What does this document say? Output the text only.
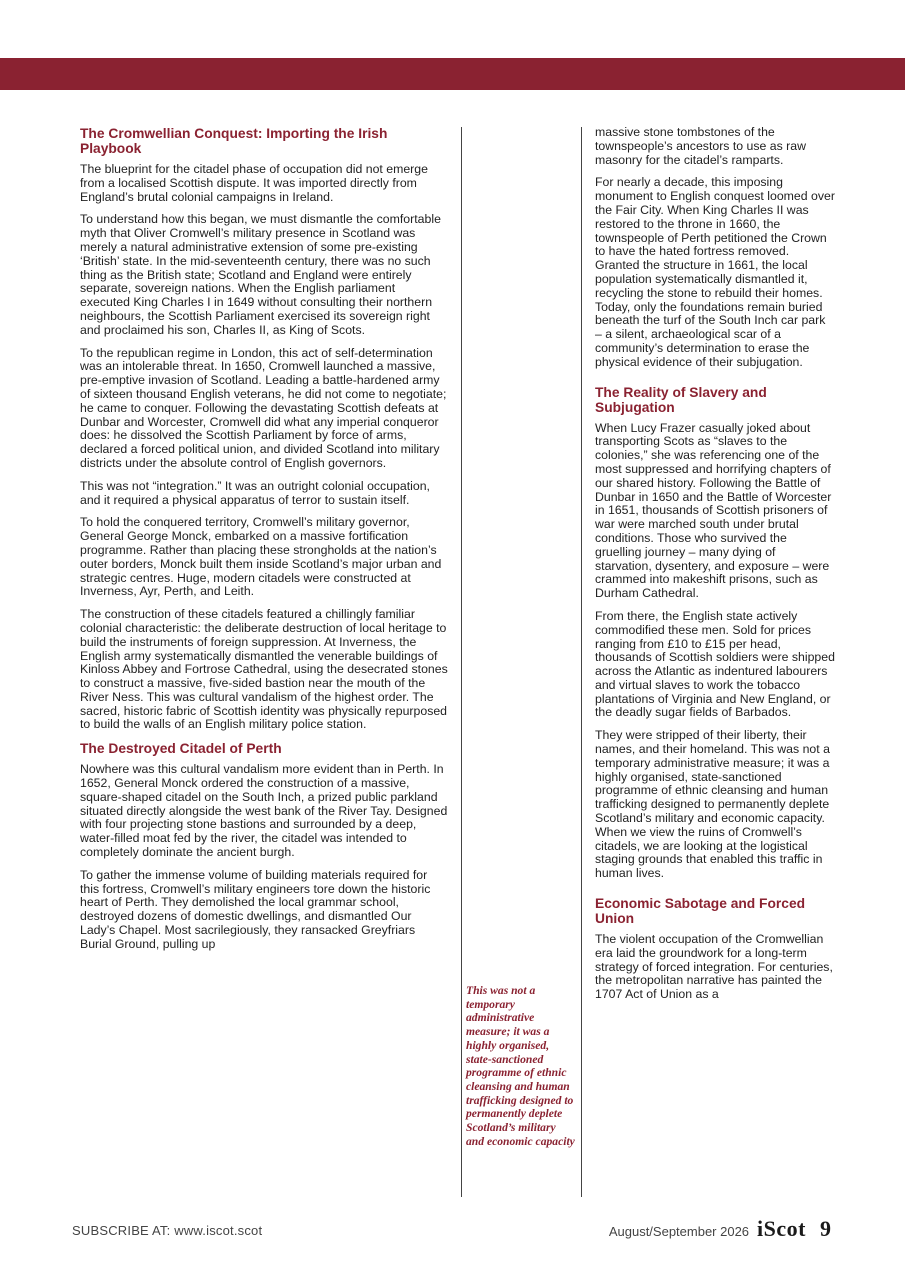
The Cromwellian Conquest: Importing the Irish Playbook

The blueprint for the citadel phase of occupation did not emerge from a localised Scottish dispute. It was imported directly from England’s brutal colonial campaigns in Ireland.

To understand how this began, we must dismantle the comfortable myth that Oliver Cromwell’s military presence in Scotland was merely a natural administrative extension of some pre-existing ‘British’ state. In the mid-seventeenth century, there was no such thing as the British state; Scotland and England were entirely separate, sovereign nations. When the English parliament executed King Charles I in 1649 without consulting their northern neighbours, the Scottish Parliament exercised its sovereign right and proclaimed his son, Charles II, as King of Scots.

To the republican regime in London, this act of self-determination was an intolerable threat. In 1650, Cromwell launched a massive, pre-emptive invasion of Scotland. Leading a battle-hardened army of sixteen thousand English veterans, he did not come to negotiate; he came to conquer. Following the devastating Scottish defeats at Dunbar and Worcester, Cromwell did what any imperial conqueror does: he dissolved the Scottish Parliament by force of arms, declared a forced political union, and divided Scotland into military districts under the absolute control of English governors.

This was not “integration.” It was an outright colonial occupation, and it required a physical apparatus of terror to sustain itself.

To hold the conquered territory, Cromwell’s military governor, General George Monck, embarked on a massive fortification programme. Rather than placing these strongholds at the nation’s outer borders, Monck built them inside Scotland’s major urban and strategic centres. Huge, modern citadels were constructed at Inverness, Ayr, Perth, and Leith.

The construction of these citadels featured a chillingly familiar colonial characteristic: the deliberate destruction of local heritage to build the instruments of foreign suppression. At Inverness, the English army systematically dismantled the venerable buildings of Kinloss Abbey and Fortrose Cathedral, using the desecrated stones to construct a massive, five-sided bastion near the mouth of the River Ness. This was cultural vandalism of the highest order. The sacred, historic fabric of Scottish identity was physically repurposed to build the walls of an English military police station.

The Destroyed Citadel of Perth

Nowhere was this cultural vandalism more evident than in Perth. In 1652, General Monck ordered the construction of a massive, square-shaped citadel on the South Inch, a prized public parkland situated directly alongside the west bank of the River Tay. Designed with four projecting stone bastions and surrounded by a deep, water-filled moat fed by the river, the citadel was intended to completely dominate the ancient burgh.

To gather the immense volume of building materials required for this fortress, Cromwell’s military engineers tore down the historic heart of Perth. They demolished the local grammar school, destroyed dozens of domestic dwellings, and dismantled Our Lady’s Chapel. Most sacrilegiously, they ransacked Greyfriars Burial Ground, pulling up

This was not a temporary administrative measure; it was a highly organised, state-sanctioned programme of ethnic cleansing and human trafficking designed to permanently deplete Scotland’s military and economic capacity

massive stone tombstones of the townspeople’s ancestors to use as raw masonry for the citadel’s ramparts.

For nearly a decade, this imposing monument to English conquest loomed over the Fair City. When King Charles II was restored to the throne in 1660, the townspeople of Perth petitioned the Crown to have the hated fortress removed. Granted the structure in 1661, the local population systematically dismantled it, recycling the stone to rebuild their homes. Today, only the foundations remain buried beneath the turf of the South Inch car park – a silent, archaeological scar of a community’s determination to erase the physical evidence of their subjugation.

The Reality of Slavery and Subjugation

When Lucy Frazer casually joked about transporting Scots as “slaves to the colonies,” she was referencing one of the most suppressed and horrifying chapters of our shared history. Following the Battle of Dunbar in 1650 and the Battle of Worcester in 1651, thousands of Scottish prisoners of war were marched south under brutal conditions. Those who survived the gruelling journey – many dying of starvation, dysentery, and exposure – were crammed into makeshift prisons, such as Durham Cathedral.

From there, the English state actively commodified these men. Sold for prices ranging from £10 to £15 per head, thousands of Scottish soldiers were shipped across the Atlantic as indentured labourers and virtual slaves to work the tobacco plantations of Virginia and New England, or the deadly sugar fields of Barbados.

They were stripped of their liberty, their names, and their homeland. This was not a temporary administrative measure; it was a highly organised, state-sanctioned programme of ethnic cleansing and human trafficking designed to permanently deplete Scotland’s military and economic capacity. When we view the ruins of Cromwell’s citadels, we are looking at the logistical staging grounds that enabled this traffic in human lives.

Economic Sabotage and Forced Union

The violent occupation of the Cromwellian era laid the groundwork for a long-term strategy of forced integration. For centuries, the metropolitan narrative has painted the 1707 Act of Union as a

SUBSCRIBE AT: www.iscot.scot	August/September 2026 iScot 9
